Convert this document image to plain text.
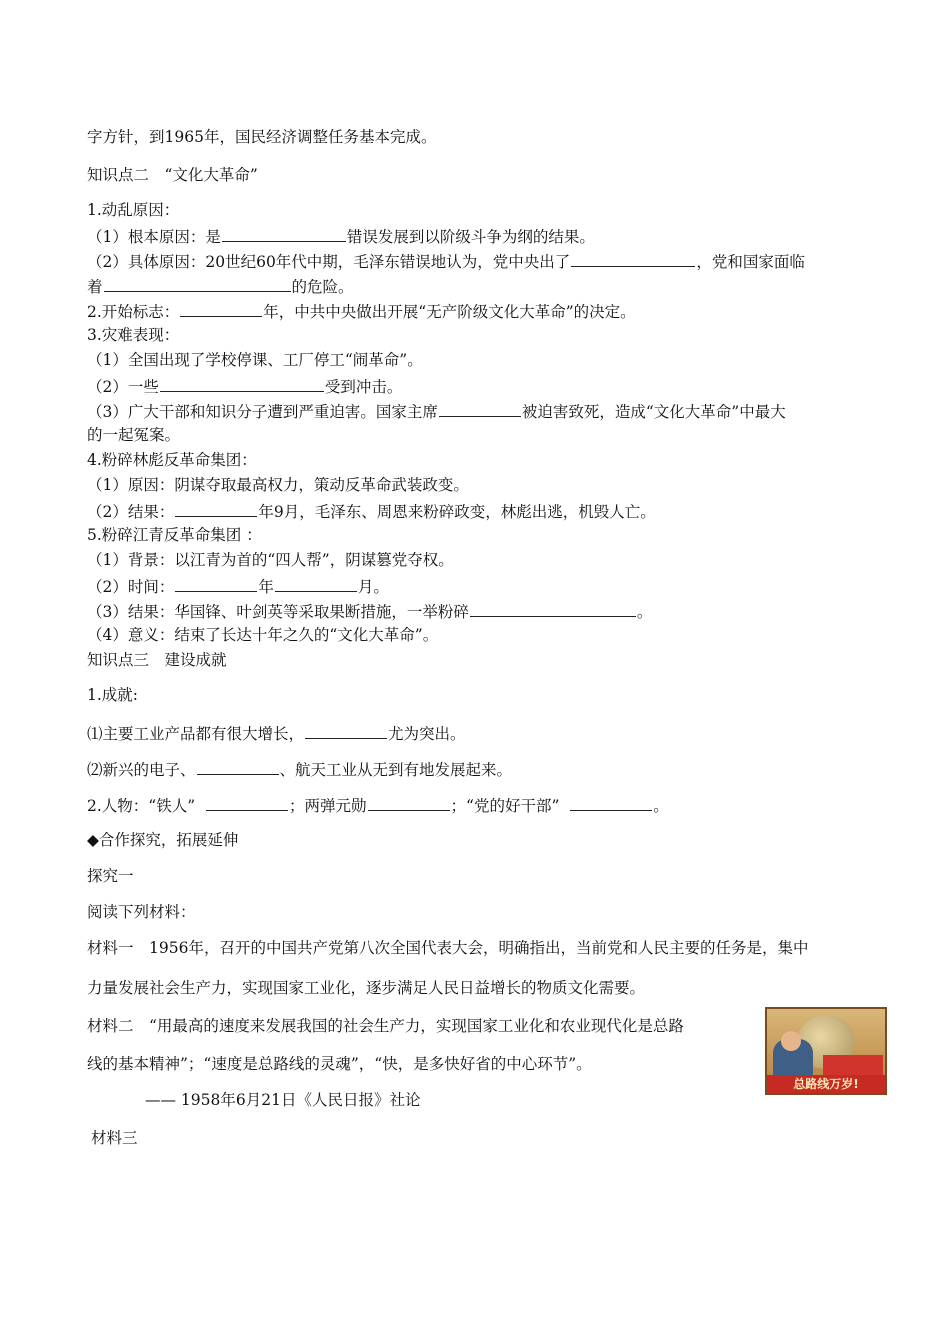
字方针，到1965年，国民经济调整任务基本完成。
知识点二　“文化大革命”
1.动乱原因：
（1）根本原因：是	错误发展到以阶级斗争为纲的结果。
（2）具体原因：20世纪60年代中期，毛泽东错误地认为，党中央出了	，党和国家面临
着	的危险。
2.开始标志：	年，中共中央做出开展“无产阶级文化大革命”的决定。
3.灾难表现：
（1）全国出现了学校停课、工厂停工“闹革命”。
（2）一些	受到冲击。
（3）广大干部和知识分子遭到严重迫害。国家主席	被迫害致死，造成“文化大革命”中最大
的一起冤案。
4.粉碎林彪反革命集团：
（1）原因：阴谋夺取最高权力，策动反革命武装政变。
（2）结果：	年9月，毛泽东、周恩来粉碎政变，林彪出逃，机毁人亡。
5.粉碎江青反革命集团 ：
（1）背景：以江青为首的“四人帮”，阴谋篡党夺权。
（2）时间：	年	月。
（3）结果：华国锋、叶剑英等采取果断措施，一举粉碎	。
（4）意义：结束了长达十年之久的“文化大革命”。
知识点三　建设成就
1.成就:
⑴主要工业产品都有很大增长，	尤为突出。
⑵新兴的电子、	、航天工业从无到有地发展起来。
2.人物：“铁人”	；两弹元勋	；“党的好干部”	。
◆合作探究，拓展延伸
探究一
阅读下列材料：
材料一　1956年，召开的中国共产党第八次全国代表大会，明确指出，当前党和人民主要的任务是，集中
力量发展社会生产力，实现国家工业化，逐步满足人民日益增长的物质文化需要。
材料二　“用最高的速度来发展我国的社会生产力，实现国家工业化和农业现代化是总路
线的基本精神”；“速度是总路线的灵魂”，“快，是多快好省的中心环节”。
—— 1958年6月21日《人民日报》社论
材料三
总路线万岁!
